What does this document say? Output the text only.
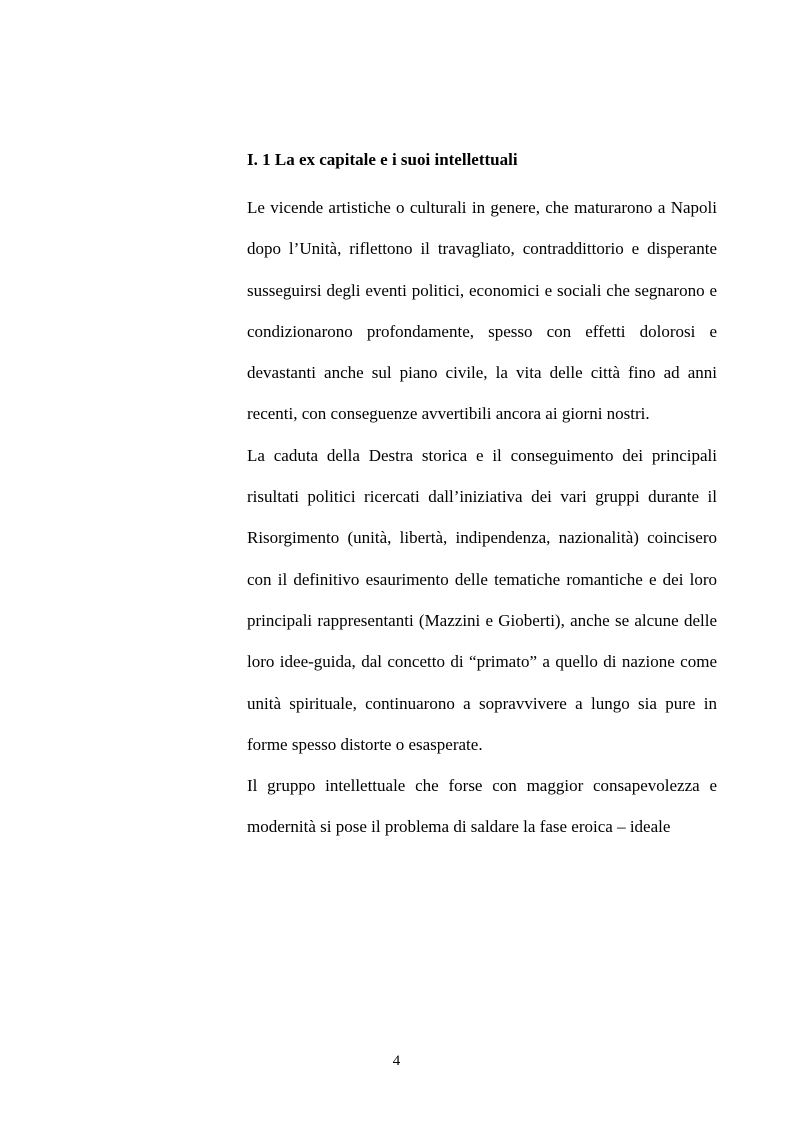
I. 1 La ex capitale e i suoi intellettuali

Le vicende artistiche o culturali in genere, che maturarono a Napoli dopo l’Unità, riflettono il travagliato, contraddittorio e disperante susseguirsi degli eventi politici, economici e sociali che segnarono e condizionarono profondamente, spesso con effetti dolorosi e devastanti anche sul piano civile, la vita delle città fino ad anni recenti, con conseguenze avvertibili ancora ai giorni nostri.

La caduta della Destra storica e il conseguimento dei principali risultati politici ricercati dall’iniziativa dei vari gruppi durante il Risorgimento (unità, libertà, indipendenza, nazionalità) coincisero con il definitivo esaurimento delle tematiche romantiche e dei loro principali rappresentanti (Mazzini e Gioberti), anche se alcune delle loro idee-guida, dal concetto di “primato” a quello di nazione come unità spirituale, continuarono a sopravvivere a lungo sia pure in forme spesso distorte o esasperate.

Il gruppo intellettuale che forse con maggior consapevolezza e modernità si pose il problema di saldare la fase eroica – ideale

4
